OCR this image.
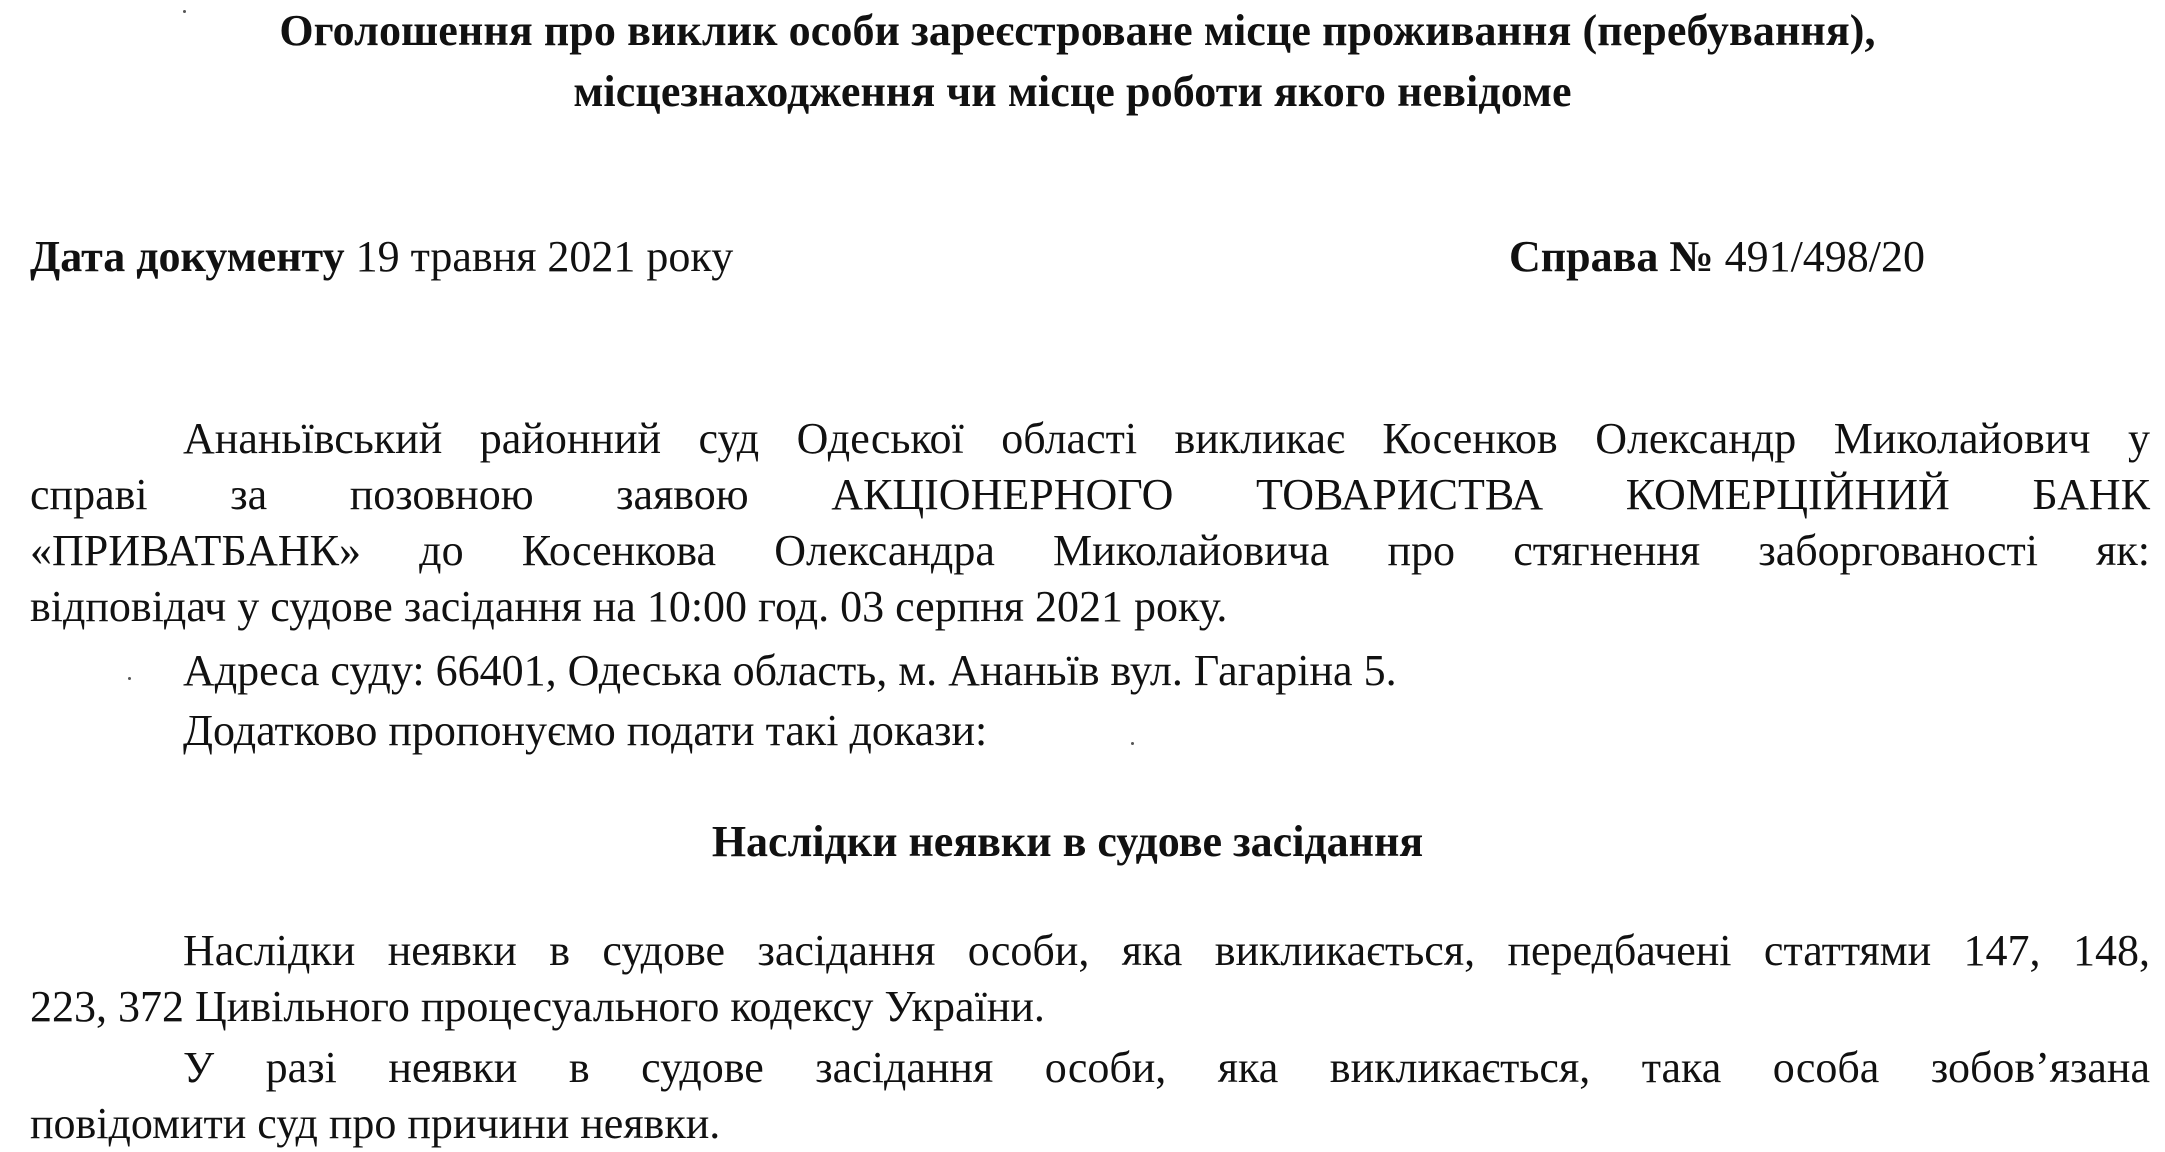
Оголошення про виклик особи зареєстроване місце проживання (перебування),
місцезнаходження чи місце роботи якого невідоме
Дата документу 19 травня 2021 року	Справа № 491/498/20
Ананьївський районний суд Одеської області викликає Косенков Олександр Миколайович у
справі за позовною заявою АКЦІОНЕРНОГО ТОВАРИСТВА КОМЕРЦІЙНИЙ БАНК
«ПРИВАТБАНК» до Косенкова Олександра Миколайовича про стягнення заборгованості як:
відповідач у судове засідання на 10:00 год. 03 серпня 2021 року.
Адреса суду: 66401, Одеська область, м. Ананьїв вул. Гагаріна 5.
Додатково пропонуємо подати такі докази:
Наслідки неявки в судове засідання
Наслідки неявки в судове засідання особи, яка викликається, передбачені статтями 147, 148,
223, 372 Цивільного процесуального кодексу України.
У разі неявки в судове засідання особи, яка викликається, така особа зобов’язана
повідомити суд про причини неявки.
